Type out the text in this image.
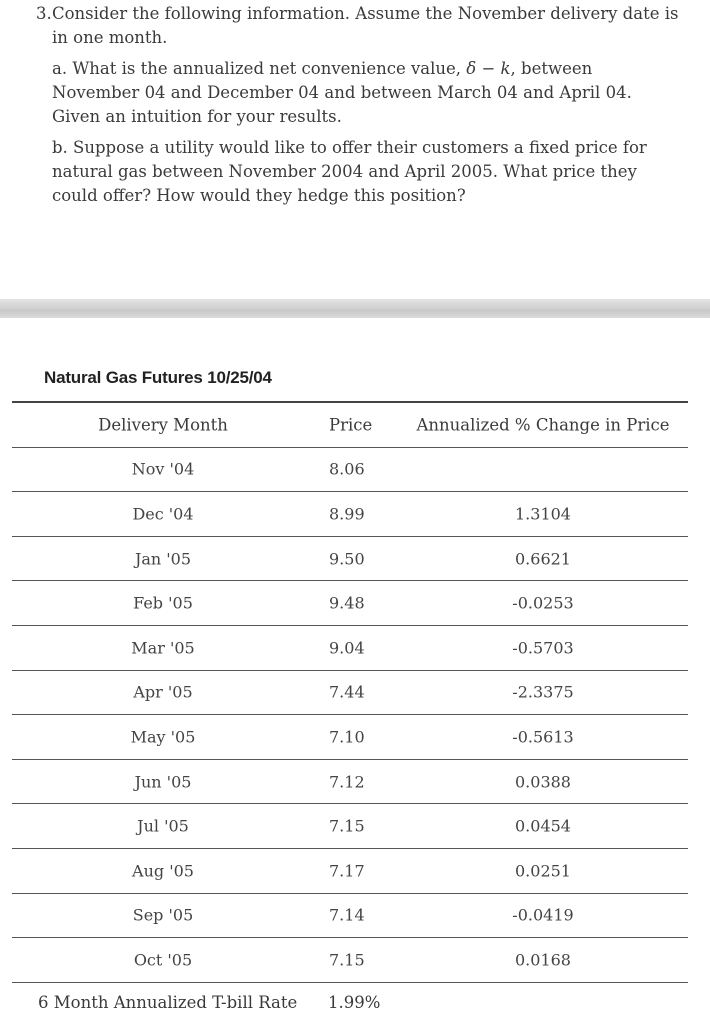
3. Consider the following information. Assume the November delivery date is in one month.
a. What is the annualized net convenience value, δ − k, between November 04 and December 04 and between March 04 and April 04. Given an intuition for your results.
b. Suppose a utility would like to offer their customers a fixed price for natural gas between November 2004 and April 2005. What price they could offer? How would they hedge this position?
Natural Gas Futures 10/25/04
Delivery Month	Price	Annualized % Change in Price
Nov '04	8.06
Dec '04	8.99	1.3104
Jan '05	9.50	0.6621
Feb '05	9.48	-0.0253
Mar '05	9.04	-0.5703
Apr '05	7.44	-2.3375
May '05	7.10	-0.5613
Jun '05	7.12	0.0388
Jul '05	7.15	0.0454
Aug '05	7.17	0.0251
Sep '05	7.14	-0.0419
Oct '05	7.15	0.0168
6 Month Annualized T-bill Rate 1.99%
